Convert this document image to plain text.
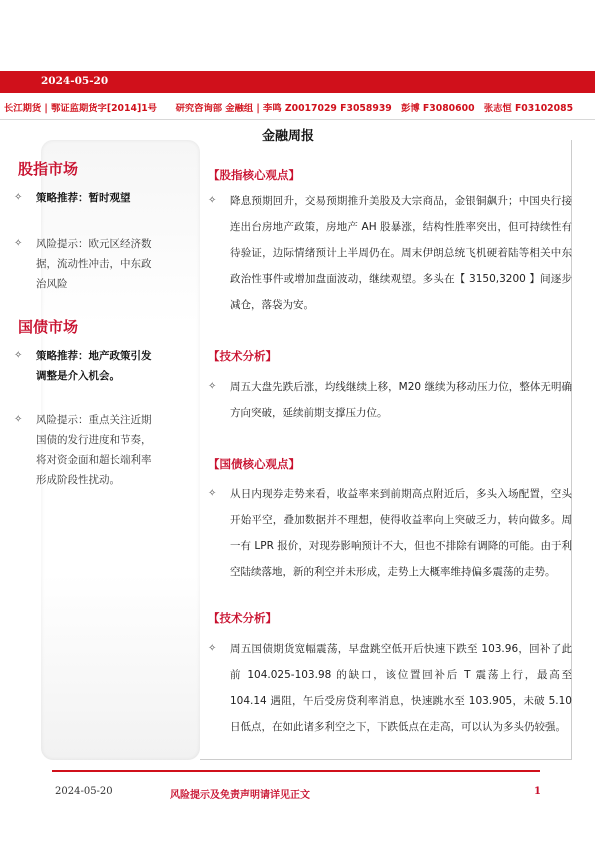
2024-05-20
长江期货 | 鄂证监期货字[2014]1号　　研究咨询部 金融组 | 李鸣 Z0017029 F3058939　彭博 F3080600　张志恒 F03102085
金融周报
股指市场
✧	策略推荐：暂时观望
✧	风险提示：欧元区经济数据，流动性冲击，中东政治风险
国债市场
✧	策略推荐：地产政策引发调整是介入机会。
✧	风险提示：重点关注近期国债的发行进度和节奏，将对资金面和超长端利率形成阶段性扰动。
【股指核心观点】
✧	降息预期回升，交易预期推升美股及大宗商品，金银铜飙升；中国央行接连出台房地产政策，房地产 AH 股暴涨，结构性胜率突出，但可持续性有待验证，边际情绪预计上半周仍在。周末伊朗总统飞机硬着陆等相关中东政治性事件或增加盘面波动，继续观望。多头在【 3150,3200 】间逐步减仓，落袋为安。
【技术分析】
✧	周五大盘先跌后涨，均线继续上移，M20 继续为移动压力位，整体无明确方向突破，延续前期支撑压力位。
【国债核心观点】
✧	从日内现券走势来看，收益率来到前期高点附近后，多头入场配置，空头开始平空，叠加数据并不理想，使得收益率向上突破乏力，转向做多。周一有 LPR 报价，对现券影响预计不大，但也不排除有调降的可能。由于利空陆续落地，新的利空并未形成，走势上大概率维持偏多震荡的走势。
【技术分析】
✧	周五国债期货宽幅震荡，早盘跳空低开后快速下跌至 103.96，回补了此前 104.025-103.98 的缺口，该位置回补后 T 震荡上行，最高至 104.14 遇阻，午后受房贷利率消息，快速跳水至 103.905，未破 5.10 日低点，在如此诸多利空之下，下跌低点在走高，可以认为多头仍较强。
2024-05-20	风险提示及免责声明请详见正文	1
